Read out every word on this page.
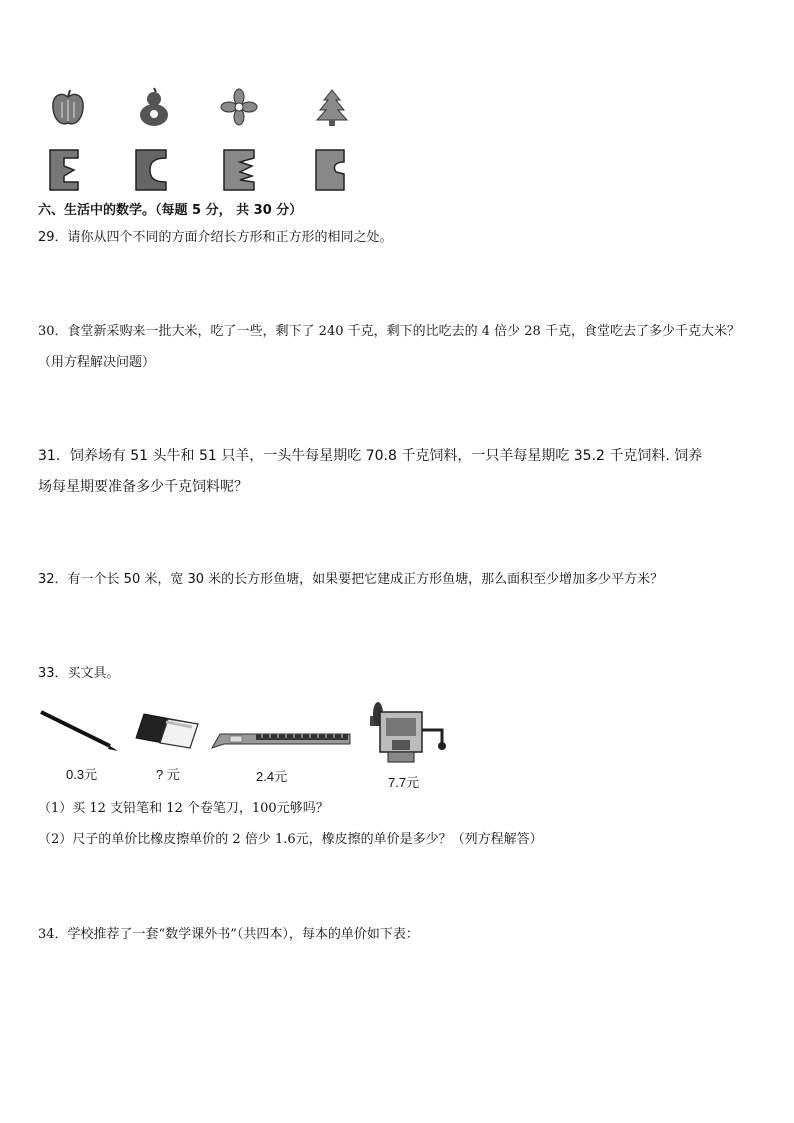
六、生活中的数学。（每题 5 分， 共 30 分）
29．请你从四个不同的方面介绍长方形和正方形的相同之处。
30．食堂新采购来一批大米，吃了一些，剩下了 240 千克，剩下的比吃去的 4 倍少 28 千克，食堂吃去了多少千克大米？
（用方程解决问题）
31．饲养场有 51 头牛和 51 只羊，一头牛每星期吃 70.8 千克饲料，一只羊每星期吃 35.2 千克饲料. 饲养
场每星期要准备多少千克饲料呢？
32．有一个长 50 米，宽 30 米的长方形鱼塘，如果要把它建成正方形鱼塘，那么面积至少增加多少平方米？
33．买文具。
0.3元	? 元	2.4元	7.7元
（1）买 12 支铅笔和 12 个卷笔刀，100元够吗？
（2）尺子的单价比橡皮擦单价的 2 倍少 1.6元，橡皮擦的单价是多少？（列方程解答）
34．学校推荐了一套“数学课外书”（共四本），每本的单价如下表：
